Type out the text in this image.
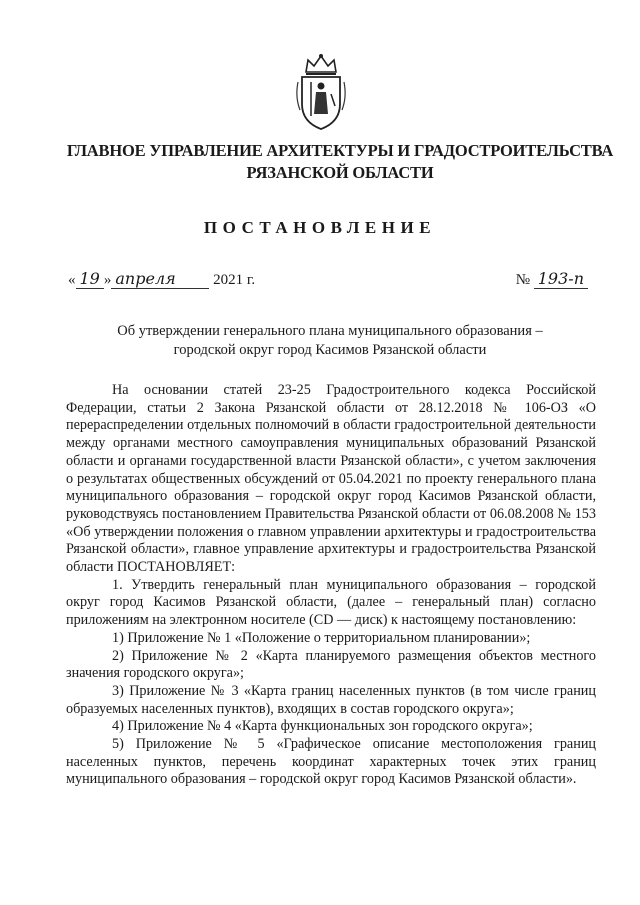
ГЛАВНОЕ УПРАВЛЕНИЕ АРХИТЕКТУРЫ И ГРАДОСТРОИТЕЛЬСТВА
РЯЗАНСКОЙ ОБЛАСТИ
ПОСТАНОВЛЕНИЕ
« 19 » апреля 2021 г.	№ 193-п
Об утверждении генерального плана муниципального образования –
городской округ город Касимов Рязанской области

На основании статей 23-25 Градостроительного кодекса Российской Федерации, статьи 2 Закона Рязанской области от 28.12.2018 № 106-ОЗ «О перераспределении отдельных полномочий в области градостроительной деятельности между органами местного самоуправления муниципальных образований Рязанской области и органами государственной власти Рязанской области», с учетом заключения о результатах общественных обсуждений от 05.04.2021 по проекту генерального плана муниципального образования – городской округ город Касимов Рязанской области, руководствуясь постановлением Правительства Рязанской области от 06.08.2008 № 153 «Об утверждении положения о главном управлении архитектуры и градостроительства Рязанской области», главное управление архитектуры и градостроительства Рязанской области ПОСТАНОВЛЯЕТ:

1. Утвердить генеральный план муниципального образования – городской округ город Касимов Рязанской области, (далее – генеральный план) согласно приложениям на электронном носителе (CD — диск) к настоящему постановлению:

1) Приложение № 1 «Положение о территориальном планировании»;

2) Приложение № 2 «Карта планируемого размещения объектов местного значения городского округа»;

3) Приложение № 3 «Карта границ населенных пунктов (в том числе границ образуемых населенных пунктов), входящих в состав городского округа»;

4) Приложение № 4 «Карта функциональных зон городского округа»;

5) Приложение № 5 «Графическое описание местоположения границ населенных пунктов, перечень координат характерных точек этих границ муниципального образования – городской округ город Касимов Рязанской области».
